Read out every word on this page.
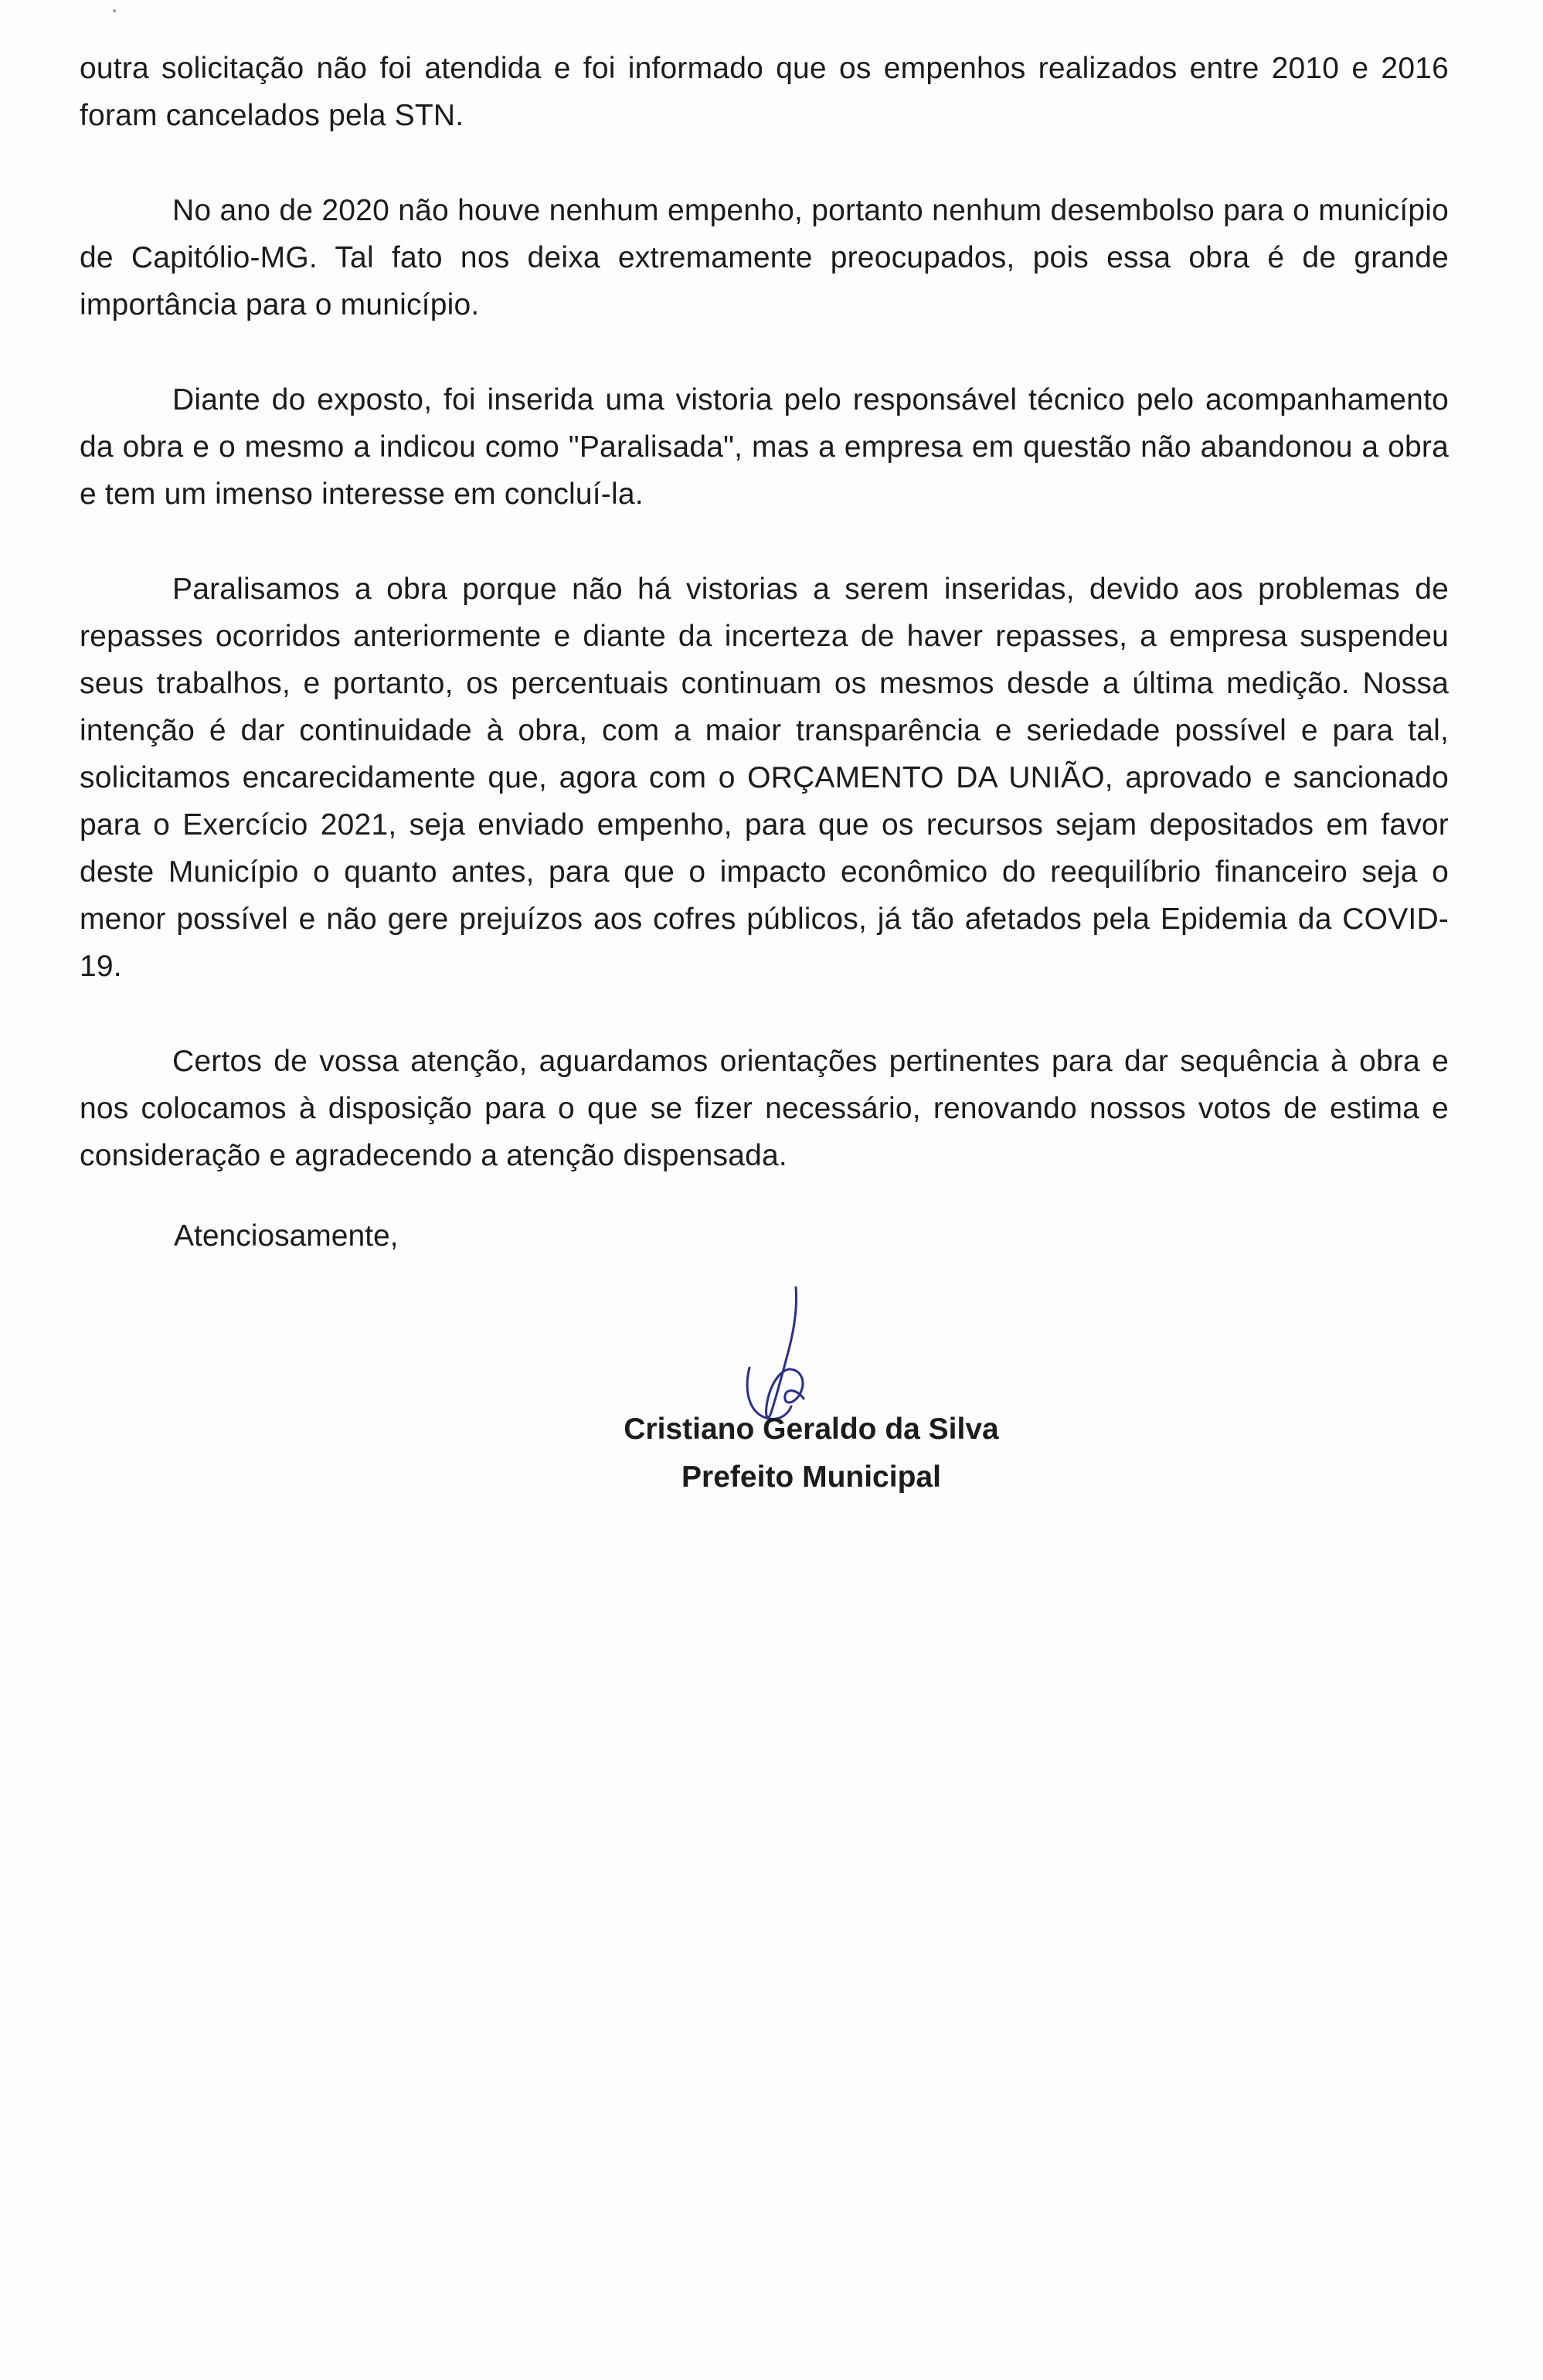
outra solicitação não foi atendida e foi informado que os empenhos realizados entre 2010 e 2016 foram cancelados pela STN.

No ano de 2020 não houve nenhum empenho, portanto nenhum desembolso para o município de Capitólio-MG. Tal fato nos deixa extremamente preocupados, pois essa obra é de grande importância para o município.

Diante do exposto, foi inserida uma vistoria pelo responsável técnico pelo acompanhamento da obra e o mesmo a indicou como "Paralisada", mas a empresa em questão não abandonou a obra e tem um imenso interesse em concluí-la.

Paralisamos a obra porque não há vistorias a serem inseridas, devido aos problemas de repasses ocorridos anteriormente e diante da incerteza de haver repasses, a empresa suspendeu seus trabalhos, e portanto, os percentuais continuam os mesmos desde a última medição. Nossa intenção é dar continuidade à obra, com a maior transparência e seriedade possível e para tal, solicitamos encarecidamente que, agora com o ORÇAMENTO DA UNIÃO, aprovado e sancionado para o Exercício 2021, seja enviado empenho, para que os recursos sejam depositados em favor deste Município o quanto antes, para que o impacto econômico do reequilíbrio financeiro seja o menor possível e não gere prejuízos aos cofres públicos, já tão afetados pela Epidemia da COVID-19.

Certos de vossa atenção, aguardamos orientações pertinentes para dar sequência à obra e nos colocamos à disposição para o que se fizer necessário, renovando nossos votos de estima e consideração e agradecendo a atenção dispensada.

Atenciosamente,
Cristiano Geraldo da Silva
Prefeito Municipal
